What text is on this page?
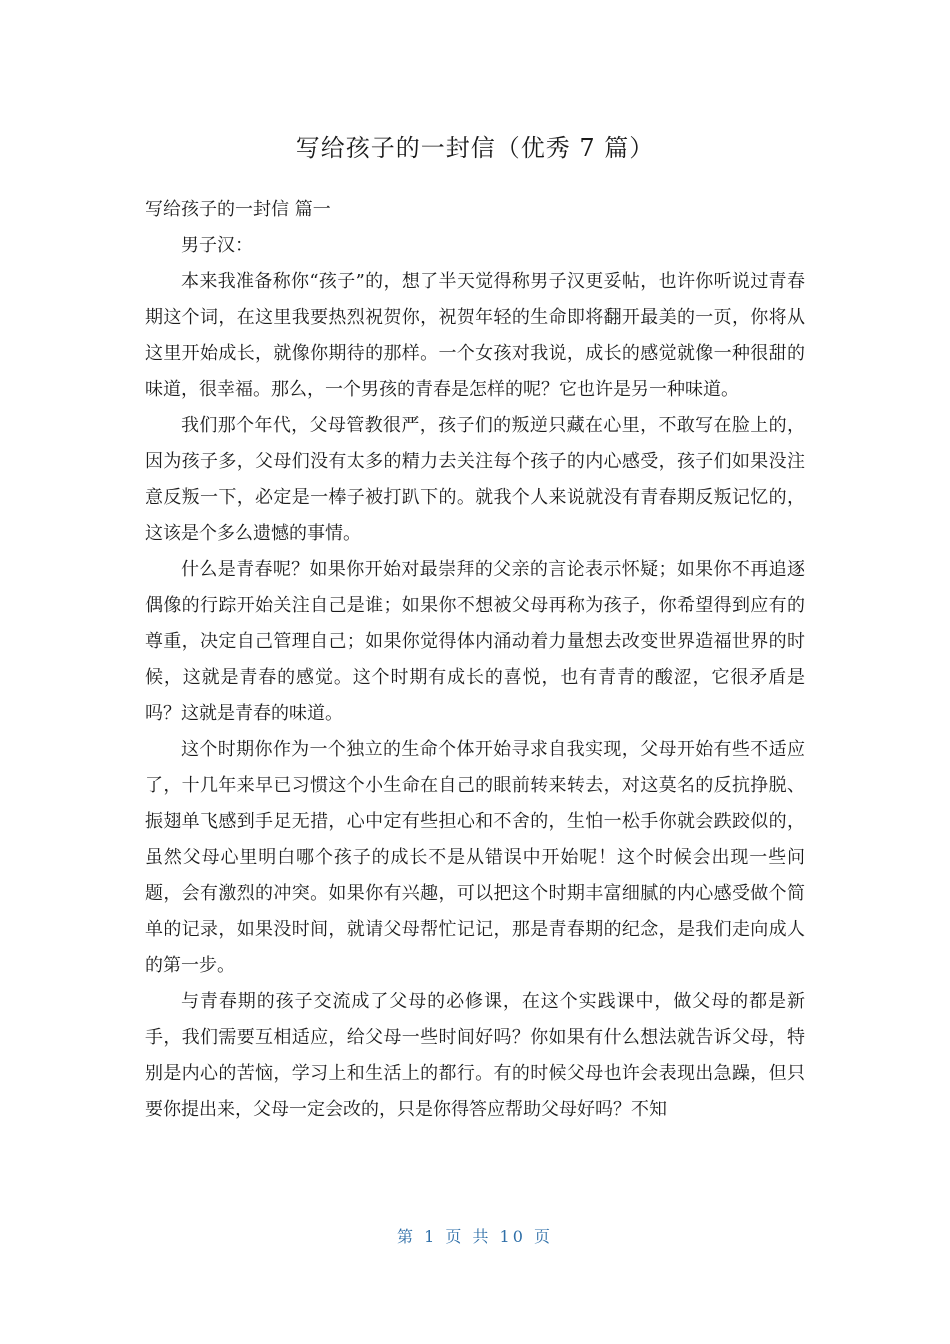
写给孩子的一封信（优秀 7 篇）

写给孩子的一封信 篇一

男子汉：

本来我准备称你“孩子”的，想了半天觉得称男子汉更妥帖，也许你听说过青春期这个词，在这里我要热烈祝贺你，祝贺年轻的生命即将翻开最美的一页，你将从这里开始成长，就像你期待的那样。一个女孩对我说，成长的感觉就像一种很甜的味道，很幸福。那么，一个男孩的青春是怎样的呢？它也许是另一种味道。

我们那个年代，父母管教很严，孩子们的叛逆只藏在心里，不敢写在脸上的，因为孩子多，父母们没有太多的精力去关注每个孩子的内心感受，孩子们如果没注意反叛一下，必定是一棒子被打趴下的。就我个人来说就没有青春期反叛记忆的，这该是个多么遗憾的事情。

什么是青春呢？如果你开始对最崇拜的父亲的言论表示怀疑；如果你不再追逐偶像的行踪开始关注自己是谁；如果你不想被父母再称为孩子，你希望得到应有的尊重，决定自己管理自己；如果你觉得体内涌动着力量想去改变世界造福世界的时候，这就是青春的感觉。这个时期有成长的喜悦，也有青青的酸涩，它很矛盾是吗？这就是青春的味道。

这个时期你作为一个独立的生命个体开始寻求自我实现，父母开始有些不适应了，十几年来早已习惯这个小生命在自己的眼前转来转去，对这莫名的反抗挣脱、振翅单飞感到手足无措，心中定有些担心和不舍的，生怕一松手你就会跌跤似的，虽然父母心里明白哪个孩子的成长不是从错误中开始呢！这个时候会出现一些问题，会有激烈的冲突。如果你有兴趣，可以把这个时期丰富细腻的内心感受做个简单的记录，如果没时间，就请父母帮忙记记，那是青春期的纪念，是我们走向成人的第一步。

与青春期的孩子交流成了父母的必修课，在这个实践课中，做父母的都是新手，我们需要互相适应，给父母一些时间好吗？你如果有什么想法就告诉父母，特别是内心的苦恼，学习上和生活上的都行。有的时候父母也许会表现出急躁，但只要你提出来，父母一定会改的，只是你得答应帮助父母好吗？不知

第 1 页 共 10 页
